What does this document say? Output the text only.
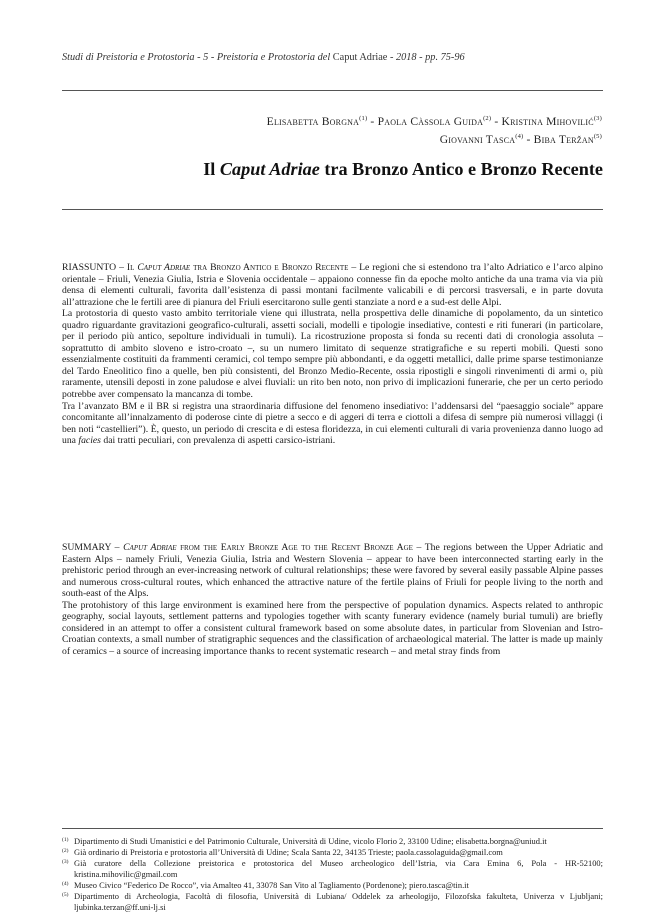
Studi di Preistoria e Protostoria - 5 - Preistoria e Protostoria del Caput Adriae - 2018 - pp. 75-96
Elisabetta Borgna$^{(1)}$ - Paola Càssola Guida$^{(2)}$ - Kristina Mihovilić$^{(3)}$
Giovanni Tasca$^{(4)}$ - Biba Teržan$^{(5)}$
Il Caput Adriae tra Bronzo Antico e Bronzo Recente

RIASSUNTO – Il Caput Adriae tra Bronzo Antico e Bronzo Recente – Le regioni che si estendono tra l’alto Adriatico e l’arco alpino orientale – Friuli, Venezia Giulia, Istria e Slovenia occidentale – appaiono connesse fin da epoche molto antiche da una trama via via più densa di elementi culturali, favorita dall’esistenza di passi montani facilmente valicabili e di percorsi trasversali, e in parte dovuta all’attrazione che le fertili aree di pianura del Friuli esercitarono sulle genti stanziate a nord e a sud-est delle Alpi.

La protostoria di questo vasto ambito territoriale viene qui illustrata, nella prospettiva delle dinamiche di popolamento, da un sintetico quadro riguardante gravitazioni geografico-culturali, assetti sociali, modelli e tipologie insediative, contesti e riti funerari (in particolare, per il periodo più antico, sepolture individuali in tumuli). La ricostruzione proposta si fonda su recenti dati di cronologia assoluta – soprattutto di ambito sloveno e istro-croato –, su un numero limitato di sequenze stratigrafiche e su reperti mobili. Questi sono essenzialmente costituiti da frammenti ceramici, col tempo sempre più abbondanti, e da oggetti metallici, dalle prime sparse testimonianze del Tardo Eneolitico fino a quelle, ben più consistenti, del Bronzo Medio-Recente, ossia ripostigli e singoli rinvenimenti di armi o, più raramente, utensili deposti in zone paludose e alvei fluviali: un rito ben noto, non privo di implicazioni funerarie, che per un certo periodo potrebbe aver compensato la mancanza di tombe.

Tra l’avanzato BM e il BR si registra una straordinaria diffusione del fenomeno insediativo: l’addensarsi del “paesaggio sociale” appare concomitante all’innalzamento di poderose cinte di pietre a secco e di aggeri di terra e ciottoli a difesa di sempre più numerosi villaggi (i ben noti “castellieri”). È, questo, un periodo di crescita e di estesa floridezza, in cui elementi culturali di varia provenienza danno luogo ad una facies dai tratti peculiari, con prevalenza di aspetti carsico-istriani.

SUMMARY – Caput Adriae from the Early Bronze Age to the Recent Bronze Age – The regions between the Upper Adriatic and Eastern Alps – namely Friuli, Venezia Giulia, Istria and Western Slovenia – appear to have been interconnected starting early in the prehistoric period through an ever-increasing network of cultural relationships; these were favored by several easily passable Alpine passes and numerous cross-cultural routes, which enhanced the attractive nature of the fertile plains of Friuli for people living to the north and south-east of the Alps.

The protohistory of this large environment is examined here from the perspective of population dynamics. Aspects related to anthropic geography, social layouts, settlement patterns and typologies together with scanty funerary evidence (namely burial tumuli) are briefly considered in an attempt to offer a consistent cultural framework based on some absolute dates, in particular from Slovenian and Istro-Croatian contexts, a small number of stratigraphic sequences and the classification of archaeological material. The latter is made up mainly of ceramics – a source of increasing importance thanks to recent systematic research – and metal stray finds from

(1) Dipartimento di Studi Umanistici e del Patrimonio Culturale, Università di Udine, vicolo Florio 2, 33100 Udine; elisabetta.borgna@uniud.it
(2) Già ordinario di Preistoria e protostoria all’Università di Udine; Scala Santa 22, 34135 Trieste; paola.cassolaguida@gmail.com
(3) Già curatore della Collezione preistorica e protostorica del Museo archeologico dell’Istria, via Cara Emina 6, Pola - HR-52100; kristina.mihovilic@gmail.com
(4) Museo Civico “Federico De Rocco”, via Amalteo 41, 33078 San Vito al Tagliamento (Pordenone); piero.tasca@tin.it
(5) Dipartimento di Archeologia, Facoltà di filosofia, Università di Lubiana/ Oddelek za arheologijo, Filozofska fakulteta, Univerza v Ljubljani; ljubinka.terzan@ff.uni-lj.si
